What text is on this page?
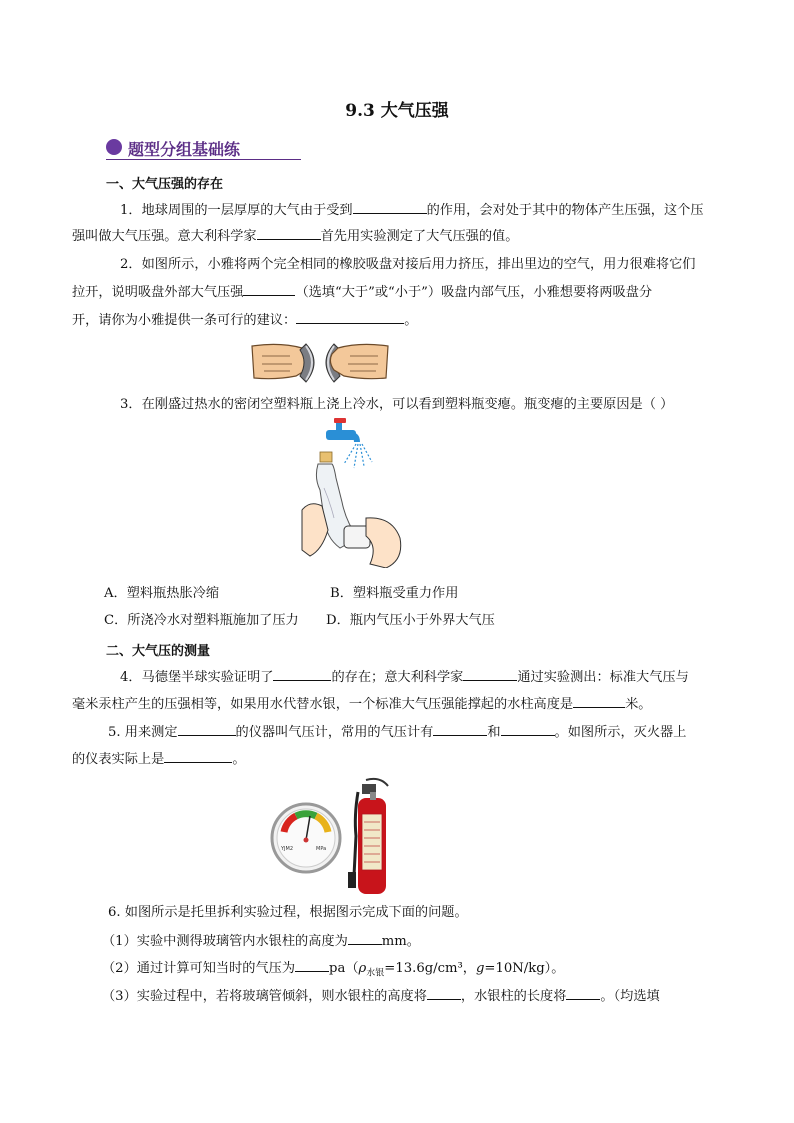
9.3 大气压强
题型分组基础练
一、大气压强的存在
1．地球周围的一层厚厚的大气由于受到	的作用，会对处于其中的物体产生压强，这个压
强叫做大气压强。意大利科学家	首先用实验测定了大气压强的值。
2．如图所示，小雅将两个完全相同的橡胶吸盘对接后用力挤压，排出里边的空气，用力很难将它们
拉开，说明吸盘外部大气压强	（选填“大于”或“小于”）吸盘内部气压，小雅想要将两吸盘分
开，请你为小雅提供一条可行的建议：	。
3．在刚盛过热水的密闭空塑料瓶上浇上冷水，可以看到塑料瓶变瘪。瓶变瘪的主要原因是（ ）
A．塑料瓶热胀冷缩	B．塑料瓶受重力作用
C．所浇冷水对塑料瓶施加了压力 D．瓶内气压小于外界大气压
二、大气压的测量
4．马德堡半球实验证明了	的存在；意大利科学家	通过实验测出：标准大气压与
毫米汞柱产生的压强相等，如果用水代替水银，一个标准大气压强能撑起的水柱高度是	米。
5. 用来测定	的仪器叫气压计，常用的气压计有	和	。如图所示，灭火器上
的仪表实际上是	。
YJM2	MPa
6. 如图所示是托里拆利实验过程，根据图示完成下面的问题。
（1）实验中测得玻璃管内水银柱的高度为	mm。
（2）通过计算可知当时的气压为	$pa(\rho_{水银}=13.6g$/cm³，g=10N/kg）。
（3）实验过程中，若将玻璃管倾斜，则水银柱的高度将	，水银柱的长度将	。（均选填
